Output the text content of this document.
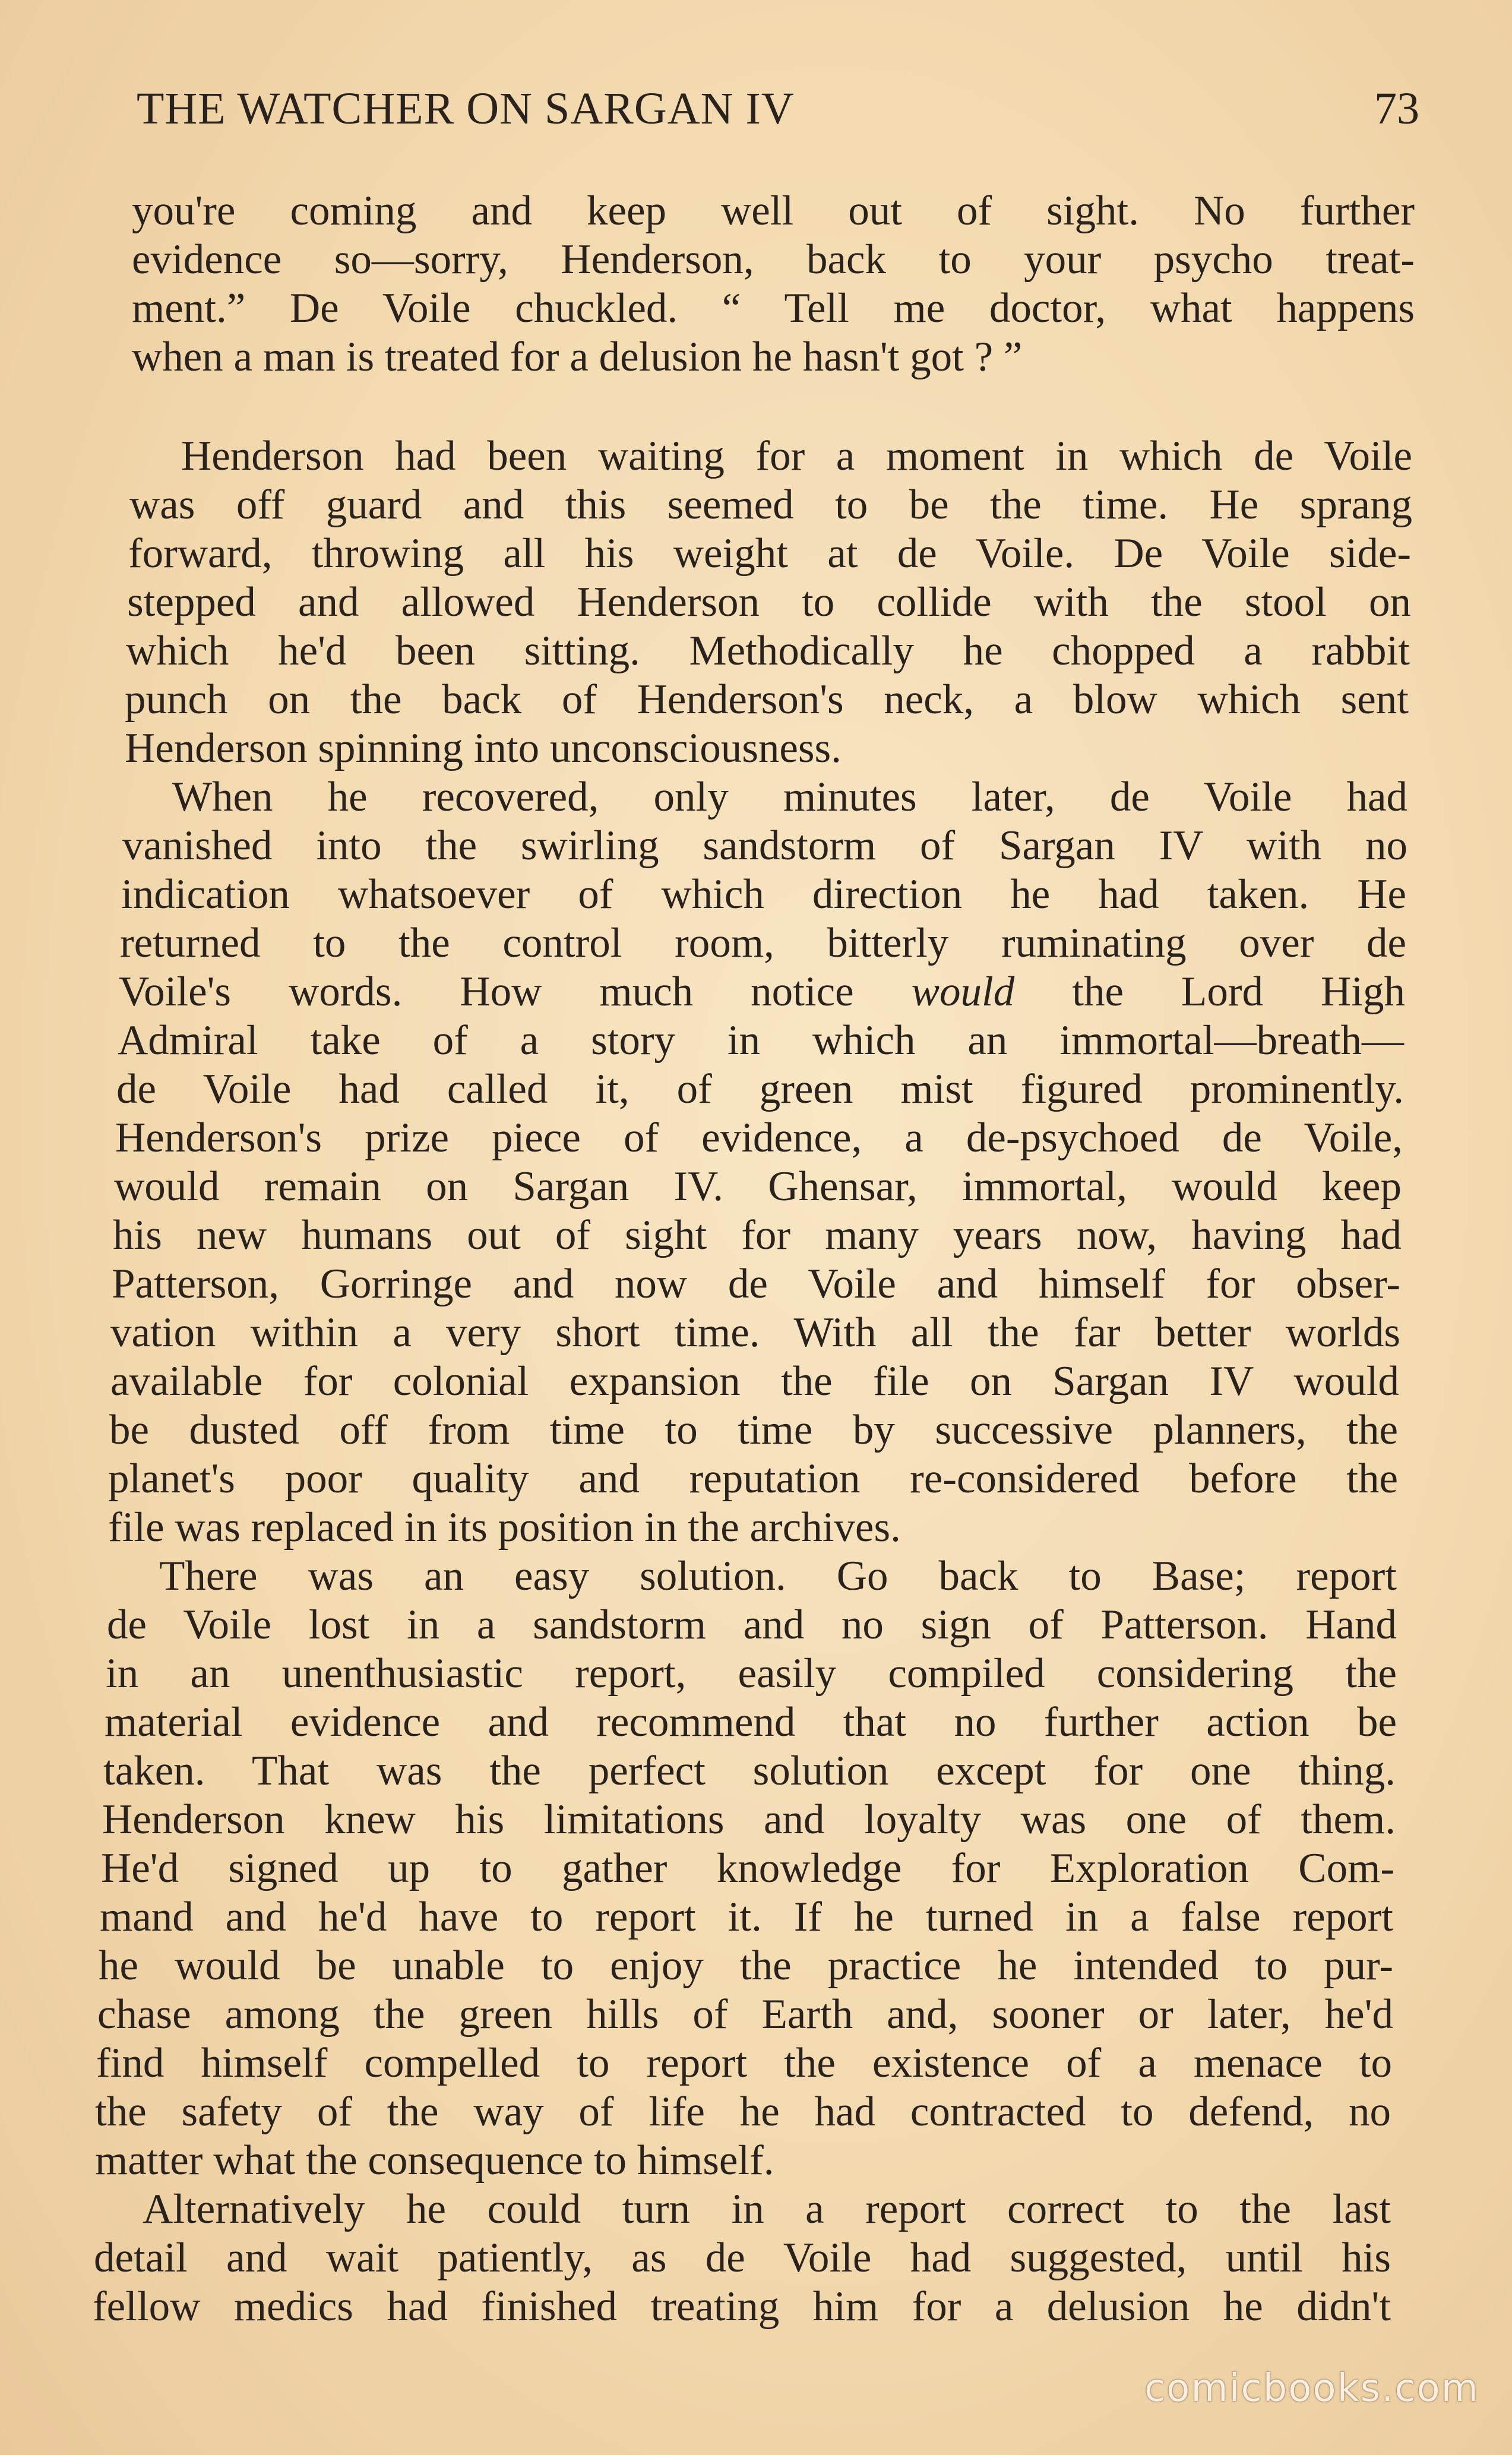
THE WATCHER ON SARGAN IV	73
you're coming and keep well out of sight. No further
evidence so—sorry, Henderson, back to your psycho treat-
ment.” De Voile chuckled. “ Tell me doctor, what happens
when a man is treated for a delusion he hasn't got ? ”
Henderson had been waiting for a moment in which de Voile
was off guard and this seemed to be the time. He sprang
forward, throwing all his weight at de Voile. De Voile side-
stepped and allowed Henderson to collide with the stool on
which he'd been sitting. Methodically he chopped a rabbit
punch on the back of Henderson's neck, a blow which sent
Henderson spinning into unconsciousness.
When he recovered, only minutes later, de Voile had
vanished into the swirling sandstorm of Sargan IV with no
indication whatsoever of which direction he had taken. He
returned to the control room, bitterly ruminating over de
Voile's words. How much notice would the Lord High
Admiral take of a story in which an immortal—breath—
de Voile had called it, of green mist figured prominently.
Henderson's prize piece of evidence, a de-psychoed de Voile,
would remain on Sargan IV. Ghensar, immortal, would keep
his new humans out of sight for many years now, having had
Patterson, Gorringe and now de Voile and himself for obser-
vation within a very short time. With all the far better worlds
available for colonial expansion the file on Sargan IV would
be dusted off from time to time by successive planners, the
planet's poor quality and reputation re-considered before the
file was replaced in its position in the archives.
There was an easy solution. Go back to Base; report
de Voile lost in a sandstorm and no sign of Patterson. Hand
in an unenthusiastic report, easily compiled considering the
material evidence and recommend that no further action be
taken. That was the perfect solution except for one thing.
Henderson knew his limitations and loyalty was one of them.
He'd signed up to gather knowledge for Exploration Com-
mand and he'd have to report it. If he turned in a false report
he would be unable to enjoy the practice he intended to pur-
chase among the green hills of Earth and, sooner or later, he'd
find himself compelled to report the existence of a menace to
the safety of the way of life he had contracted to defend, no
matter what the consequence to himself.
Alternatively he could turn in a report correct to the last
detail and wait patiently, as de Voile had suggested, until his
fellow medics had finished treating him for a delusion he didn't
comicbooks.com
